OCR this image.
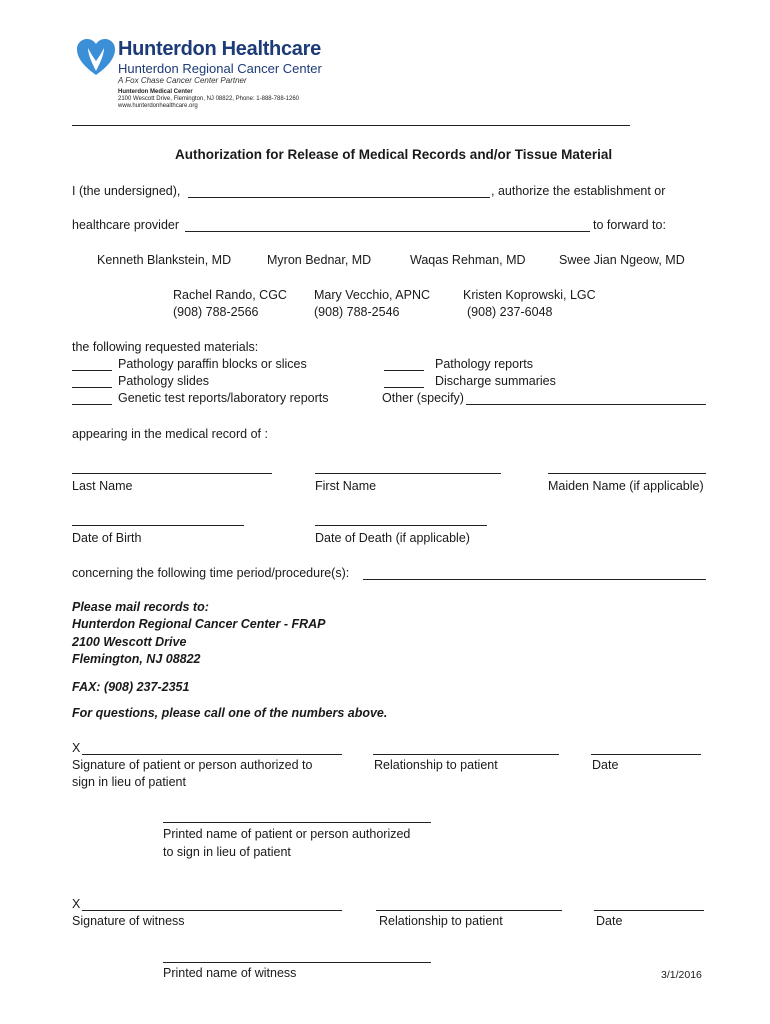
Hunterdon Healthcare
Hunterdon Regional Cancer Center
A Fox Chase Cancer Center Partner
Hunterdon Medical Center
2100 Wescott Drive, Flemington, NJ 08822, Phone: 1-888-788-1260
www.hunterdonhealthcare.org
Authorization for Release of Medical Records and/or Tissue Material
I (the undersigned),	, authorize the establishment or
healthcare provider	to forward to:
Kenneth Blankstein, MD	Myron Bednar, MD	Waqas Rehman, MD	Swee Jian Ngeow, MD
Rachel Rando, CGC
(908) 788-2566
Mary Vecchio, APNC
(908) 788-2546
Kristen Koprowski, LGC
(908) 237-6048
the following requested materials:
Pathology paraffin blocks or slices
Pathology slides
Genetic test reports/laboratory reports
Pathology reports
Discharge summaries
Other (specify)
appearing in the medical record of :
Last Name	First Name	Maiden Name (if applicable)
Date of Birth	Date of Death (if applicable)
concerning the following time period/procedure(s):
Please mail records to:
Hunterdon Regional Cancer Center - FRAP
2100 Wescott Drive
Flemington, NJ 08822
FAX: (908) 237-2351
For questions, please call one of the numbers above.
X
Signature of patient or person authorized to
sign in lieu of patient
Relationship to patient	Date
Printed name of patient or person authorized
to sign in lieu of patient
X
Signature of witness	Relationship to patient	Date
Printed name of witness	3/1/2016
